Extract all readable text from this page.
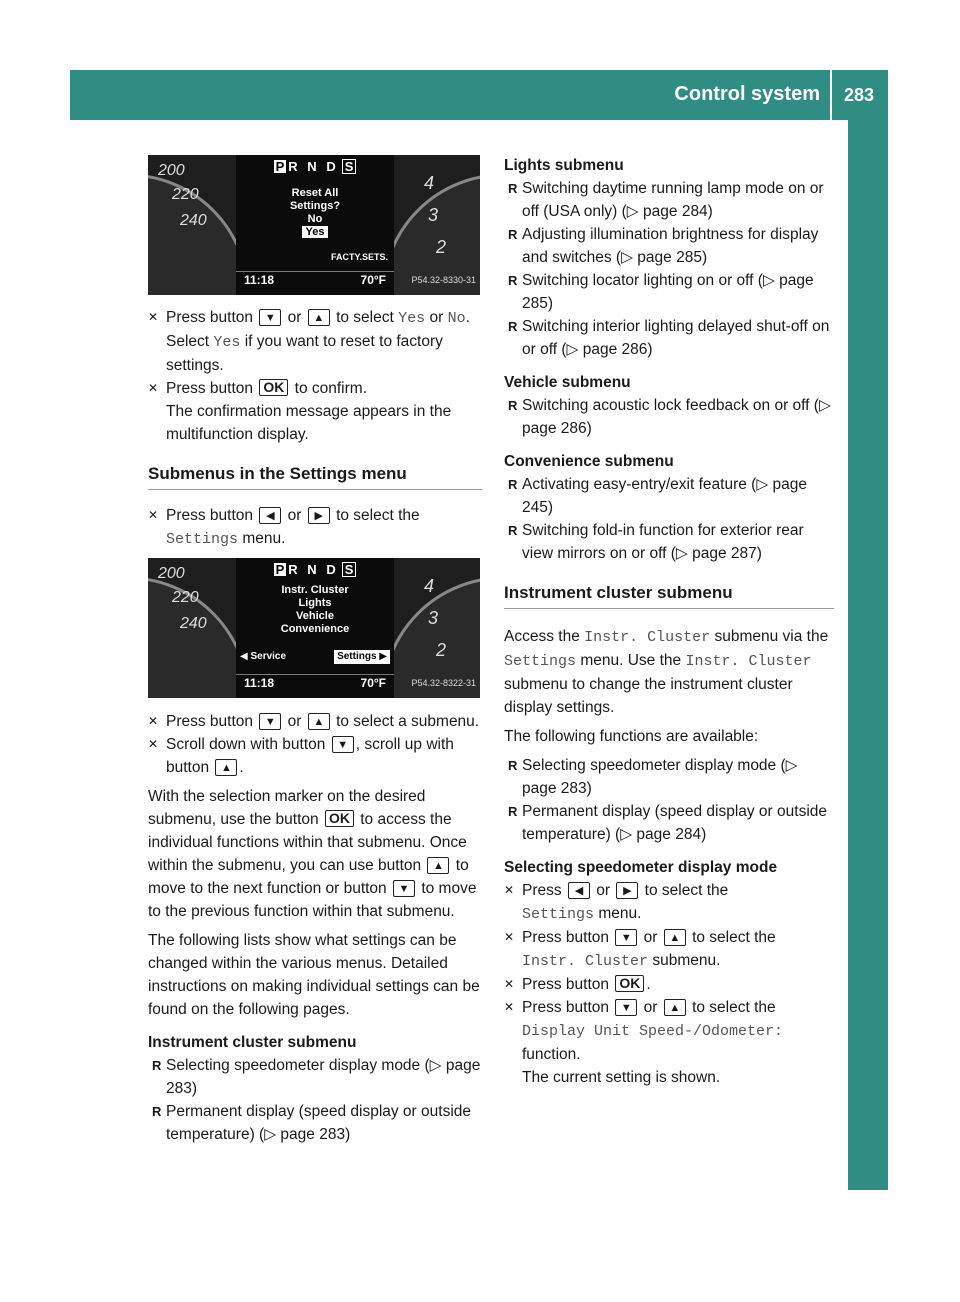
Control system 283
Controls in detail
200
220
240
4
3
2
P R N D S
Reset All
Settings?
No
Yes
FACTY.SETS.
11:18	70°F
	P54.32-8330-31

✕ Press button ▼ or ▲ to select Yes or No. Select Yes if you want to reset to factory settings.

✕ Press button OK to confirm.
The confirmation message appears in the multifunction display.

Submenus in the Settings menu

✕ Press button ◀ or ▶ to select the
Settings menu.

200
220
240
4
3
2
P R N D S
Instr. Cluster
Lights
Vehicle
Convenience
◀ Service	Settings ▶
11:18	70°F
	P54.32-8322-31

✕ Press button ▼ or ▲ to select a submenu.

✕ Scroll down with button ▼ , scroll up with button ▲ .

With the selection marker on the desired submenu, use the button OK to access the individual functions within that submenu. Once within the submenu, you can use button ▲ to move to the next function or button ▼ to move to the previous function within that submenu.

The following lists show what settings can be changed within the various menus. Detailed instructions on making individual settings can be found on the following pages.

Instrument cluster submenu

R Selecting speedometer display mode (▷ page 283)

R Permanent display (speed display or outside temperature) (▷ page 283)

Lights submenu

R Switching daytime running lamp mode on or off (USA only) (▷ page 284)

R Adjusting illumination brightness for display and switches (▷ page 285)

R Switching locator lighting on or off (▷ page 285)

R Switching interior lighting delayed shut-off on or off (▷ page 286)

Vehicle submenu

R Switching acoustic lock feedback on or off (▷ page 286)

Convenience submenu

R Activating easy-entry/exit feature (▷ page 245)

R Switching fold-in function for exterior rear view mirrors on or off (▷ page 287)

Instrument cluster submenu

Access the Instr. Cluster submenu via the Settings menu. Use the Instr. Cluster submenu to change the instrument cluster display settings.

The following functions are available:

R Selecting speedometer display mode (▷ page 283)

R Permanent display (speed display or outside temperature) (▷ page 284)

Selecting speedometer display mode

✕ Press ◀ or ▶ to select the
Settings menu.

✕ Press button ▼ or ▲ to select the
Instr. Cluster submenu.

✕ Press button OK .

✕ Press button ▼ or ▲ to select the
Display Unit Speed-/Odometer:
function.
The current setting is shown.
